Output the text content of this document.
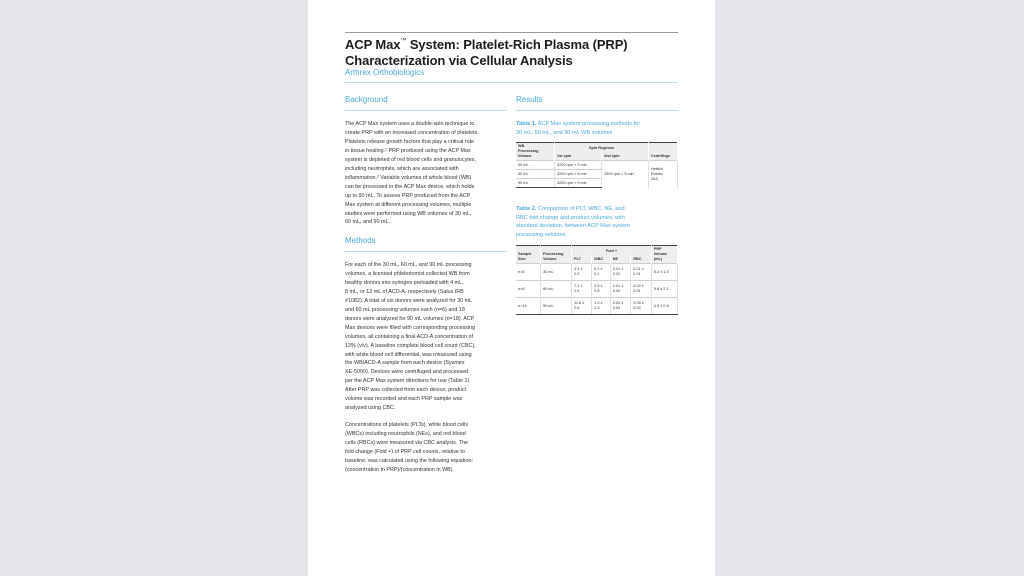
ACP Max™ System: Platelet-Rich Plasma (PRP)
Characterization via Cellular Analysis
Arthrex Orthobiologics
Background

The ACP Max system uses a double-spin technique to
create PRP with an increased concentration of platelets.
Platelets release growth factors that play a critical role
in tissue healing.¹ PRP produced using the ACP Max
system is depleted of red blood cells and granulocytes,
including neutrophils, which are associated with
inflammation.² Variable volumes of whole blood (WB)
can be processed in the ACP Max device, which holds
up to 90 mL. To assess PRP produced from the ACP
Max system at different processing volumes, multiple
studies were performed using WB volumes of 30 mL,
60 mL, and 90 mL.

Methods

For each of the 30 mL, 60 mL, and 90 mL processing
volumes, a licensed phlebotomist collected WB from
healthy donors into syringes preloaded with 4 mL,
8 mL, or 12 mL of ACD-A, respectively (Salus IRB
#1082). A total of six donors were analyzed for 30 mL
and 60 mL processing volumes each (n=6) and 18
donors were analyzed for 90 mL volumes (n=18). ACP
Max devices were filled with corresponding processing
volumes, all containing a final ACD-A concentration of
13% (v/v). A baseline complete blood cell count (CBC),
with white blood cell differential, was measured using
the WB/ACD-A sample from each device (Sysmex
XE-5000). Devices were centrifuged and processed
per the ACP Max system directions for use (Table 1).
After PRP was collected from each device, product
volume was recorded and each PRP sample was
analyzed using CBC.

Concentrations of platelets (PLTs), white blood cells
(WBCs) including neutrophils (NEs), and red blood
cells (RBCs) were measured via CBC analysis. The
fold change (Fold +) of PRP cell counts, relative to
baseline, was calculated using the following equation:
(concentration in PRP)/(concentration in WB).

Results
Table 1. ACP Max system processing methods for
30 mL, 60 mL, and 90 mL WB volumes
WB
Processing
Volume	Spin Regimes		Centrifuge
	1st spin	2nd spin	
30 mL	3200 rpm × 3 min	1500 rpm × 5 min	Hettich Rotofix
32A
60 mL	3200 rpm × 6 min		
90 mL	3200 rpm × 9 min		
Table 2. Comparison of PLT, WBC, NE, and
RBC fold change and product volumes, with
standard deviation, between ACP Max system
processing volumes
Sample
Size	Processing
Volume	Fold +				PRP
Volume
(mL)
		PLT	WBC	NE	RBC	
n=6	30 mL	3.3 ±
0.3	0.1 ±
0.1	0.01 ±
0.01	0.01 ±
0.01	5.3 ± 1.3
n=6	60 mL	7.1 ±
1.9	0.5 ±
0.6	0.01 ±
0.02	0.02 ±
0.01	5.8 ± 2.1
n=18	90 mL	11.6 ±
2.6	1.0 ±
1.3	0.03 ±
0.04	0.05 ±
0.02	4.5 ± 0.8
